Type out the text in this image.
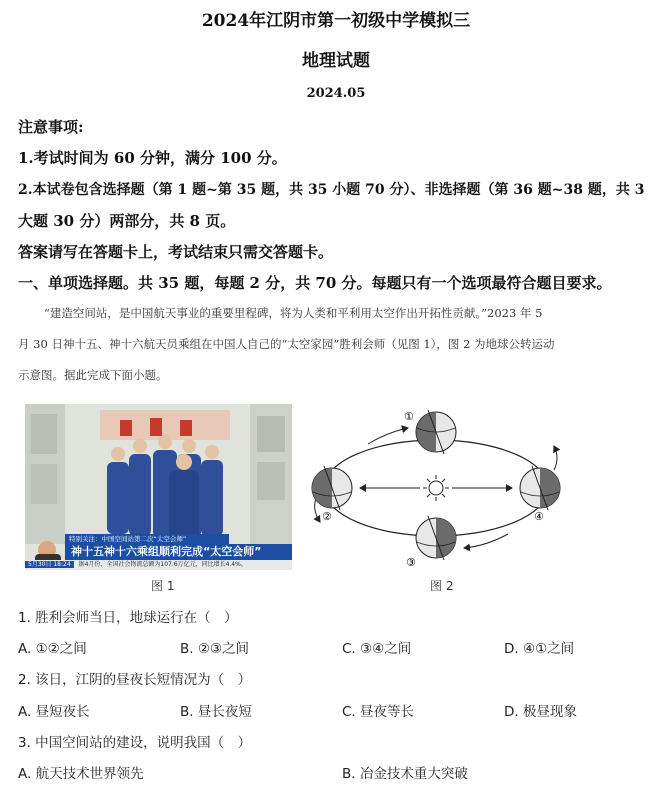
2024年江阴市第一初级中学模拟三
地理试题
2024.05
注意事项:
1.考试时间为 60 分钟，满分 100 分。
2.本试卷包含选择题（第 1 题~第 35 题，共 35 小题 70 分）、非选择题（第 36 题~38 题，共 3
大题 30 分）两部分，共 8 页。
答案请写在答题卡上，考试结束只需交答题卡。
一、单项选择题。共 35 题，每题 2 分，共 70 分。每题只有一个选项最符合题目要求。
“建造空间站，是中国航天事业的重要里程碑，将为人类和平利用太空作出开拓性贡献。”2023 年 5
月 30 日神十五、神十六航天员乘组在中国人自己的“太空家园”胜利会师（见图 1），图 2 为地球公转运动
示意图。据此完成下面小题。
特别关注：中国空间站第二次“太空会师”
神十五神十六乘组顺利完成“太空会师”
5月30日 18:24 据4月份，全国社会物流总额为107.6万亿元，同比增长4.4%。
图 1
①
②
③
④
图 2
1. 胜利会师当日，地球运行在（　）
A. ①②之间	B. ②③之间	C. ③④之间	D. ④①之间
2. 该日，江阴的昼夜长短情况为（　）
A. 昼短夜长	B. 昼长夜短	C. 昼夜等长	D. 极昼现象
3. 中国空间站的建设，说明我国（　）
A. 航天技术世界领先	B. 冶金技术重大突破
